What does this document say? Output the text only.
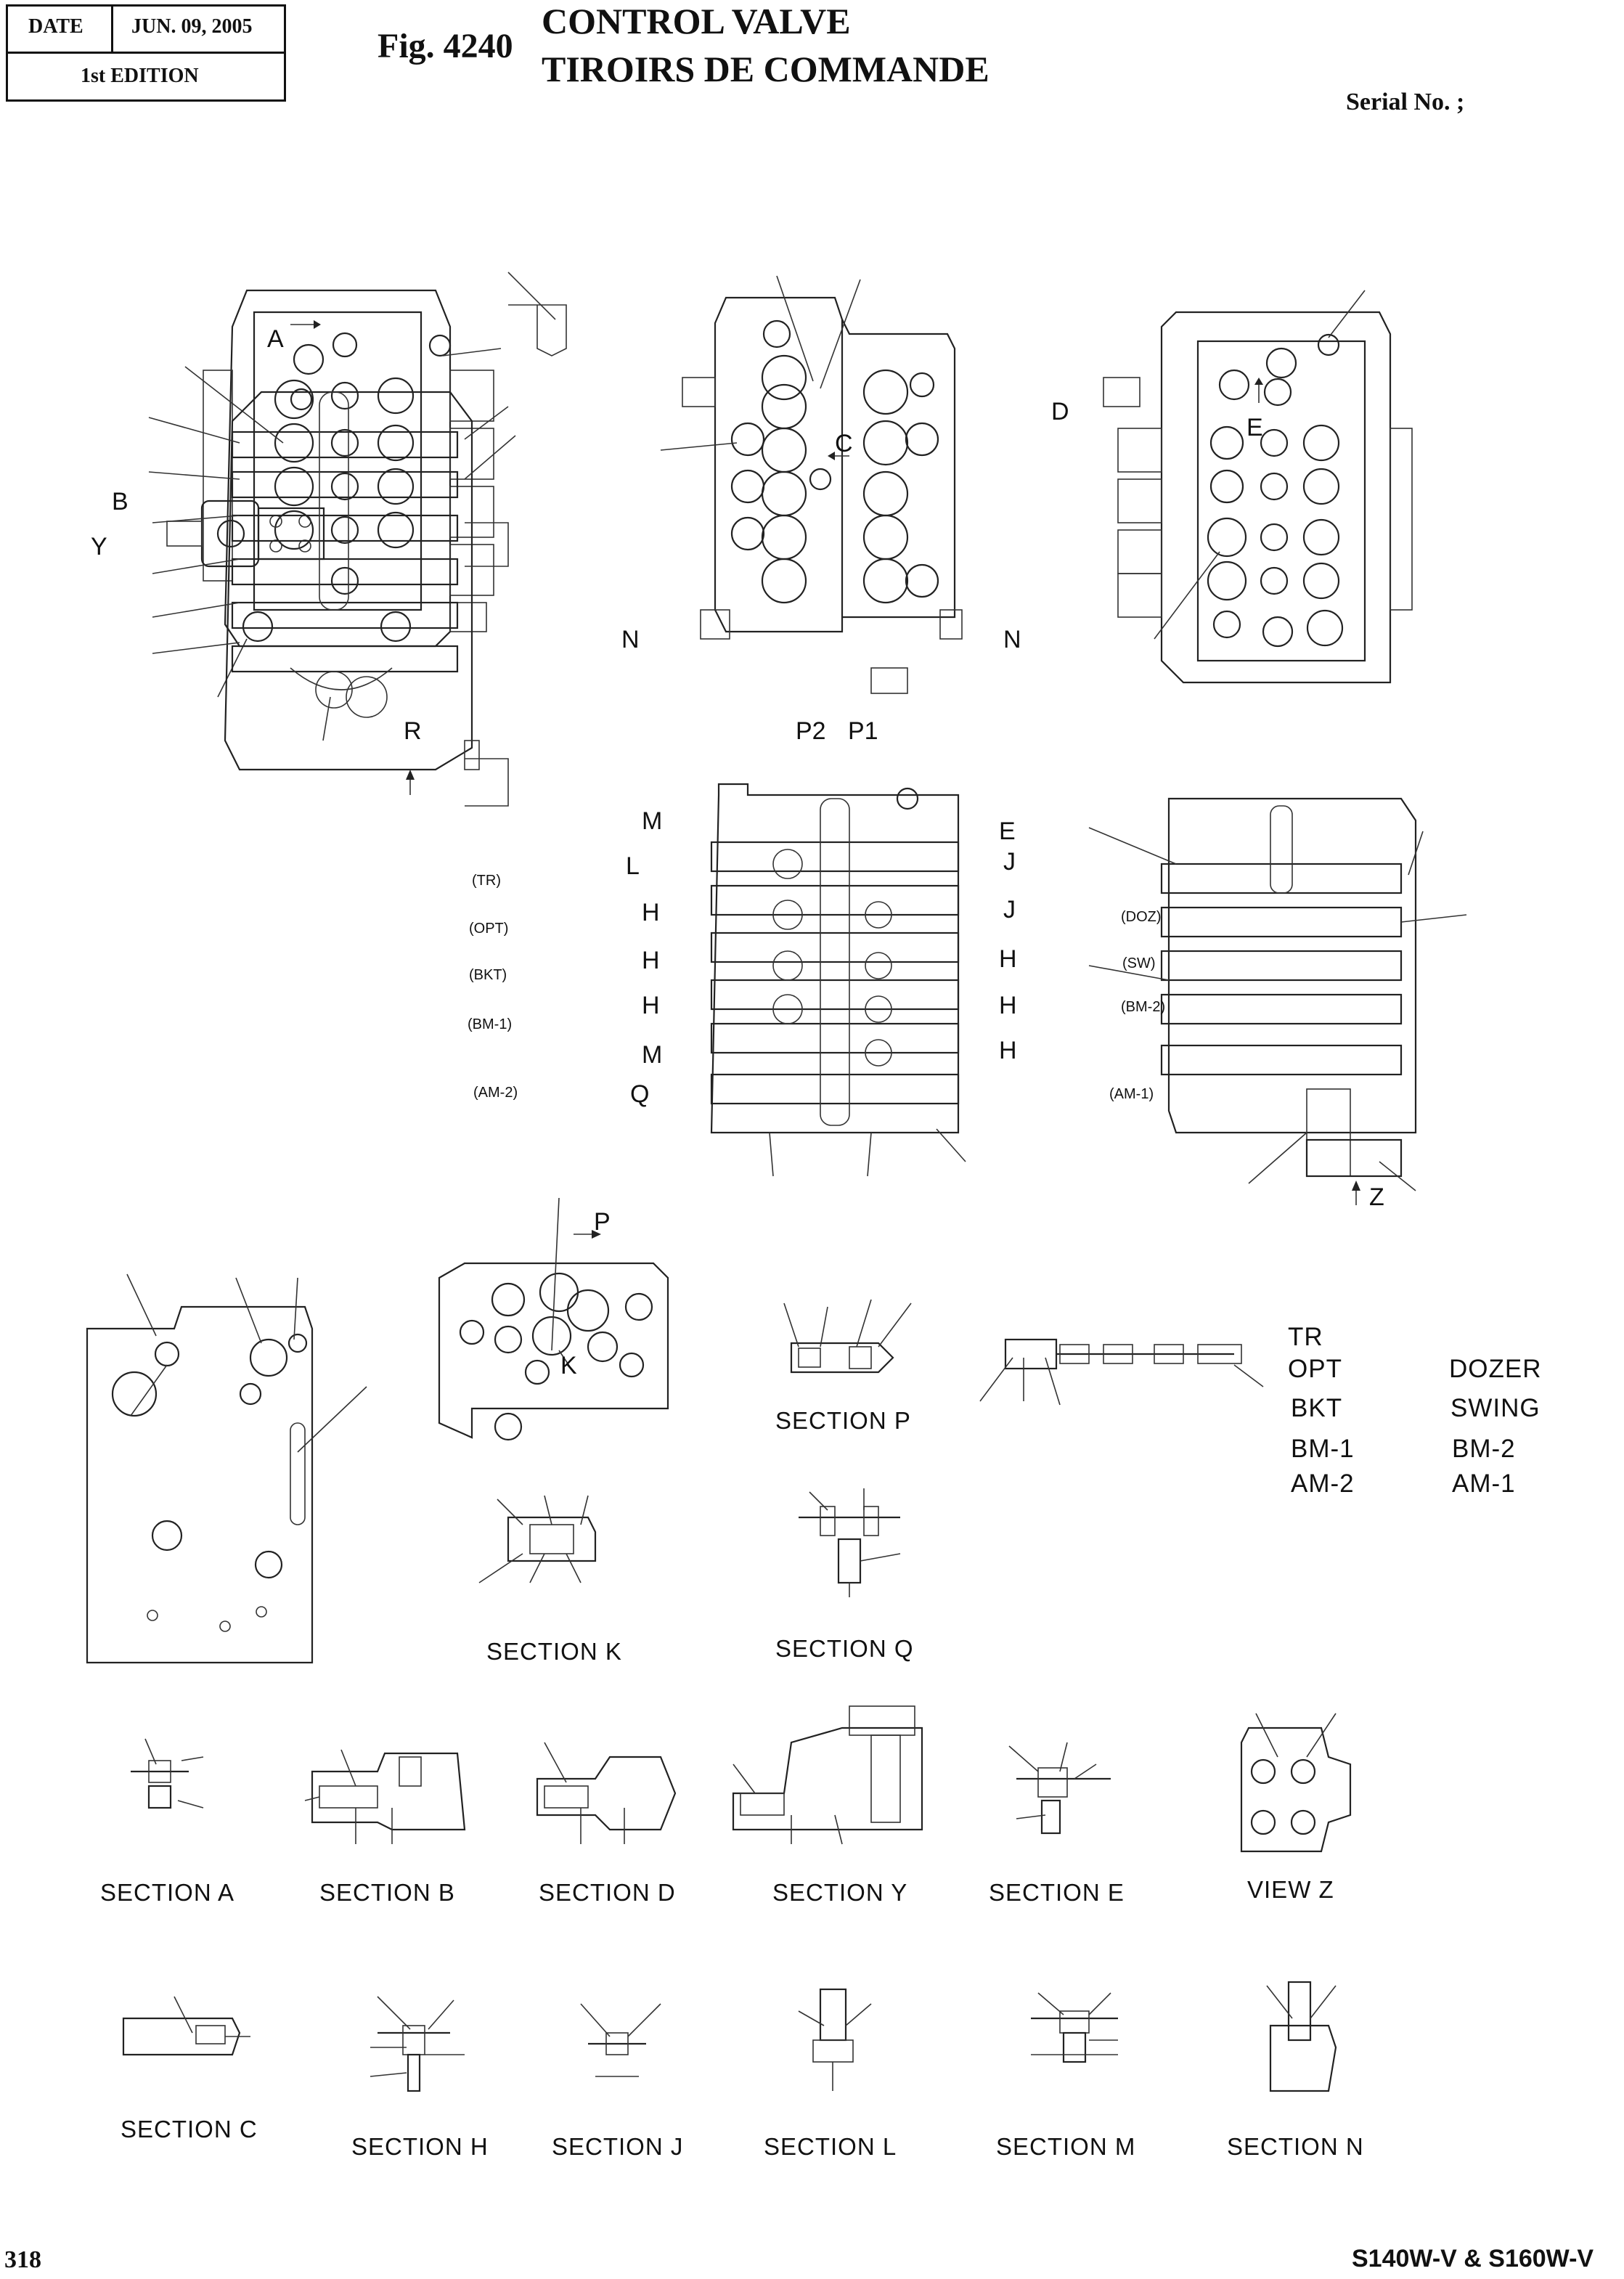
DATE JUN. 09, 2005
1st EDITION
Fig. 4240
CONTROL VALVE
TIROIRS DE COMMANDE
Serial No. ;
A
B
Y
C
D
E
N	N
R	P2 P1
M
L
H
H
H
M
Q
E
J
J
H
H
H
Z
P
K
(TR)
(OPT)
(BKT)
(BM-1)
(AM-2)
(DOZ)
(SW)
(BM-2)
(AM-1)
TR
OPT
BKT
BM-1
AM-2
DOZER
SWING
BM-2
AM-1
SECTION P
SECTION K	SECTION Q
SECTION A	SECTION B	SECTION D	SECTION Y	SECTION E	VIEW Z
SECTION C
SECTION H	SECTION J	SECTION L	SECTION M	SECTION N
318	S140W-V & S160W-V
